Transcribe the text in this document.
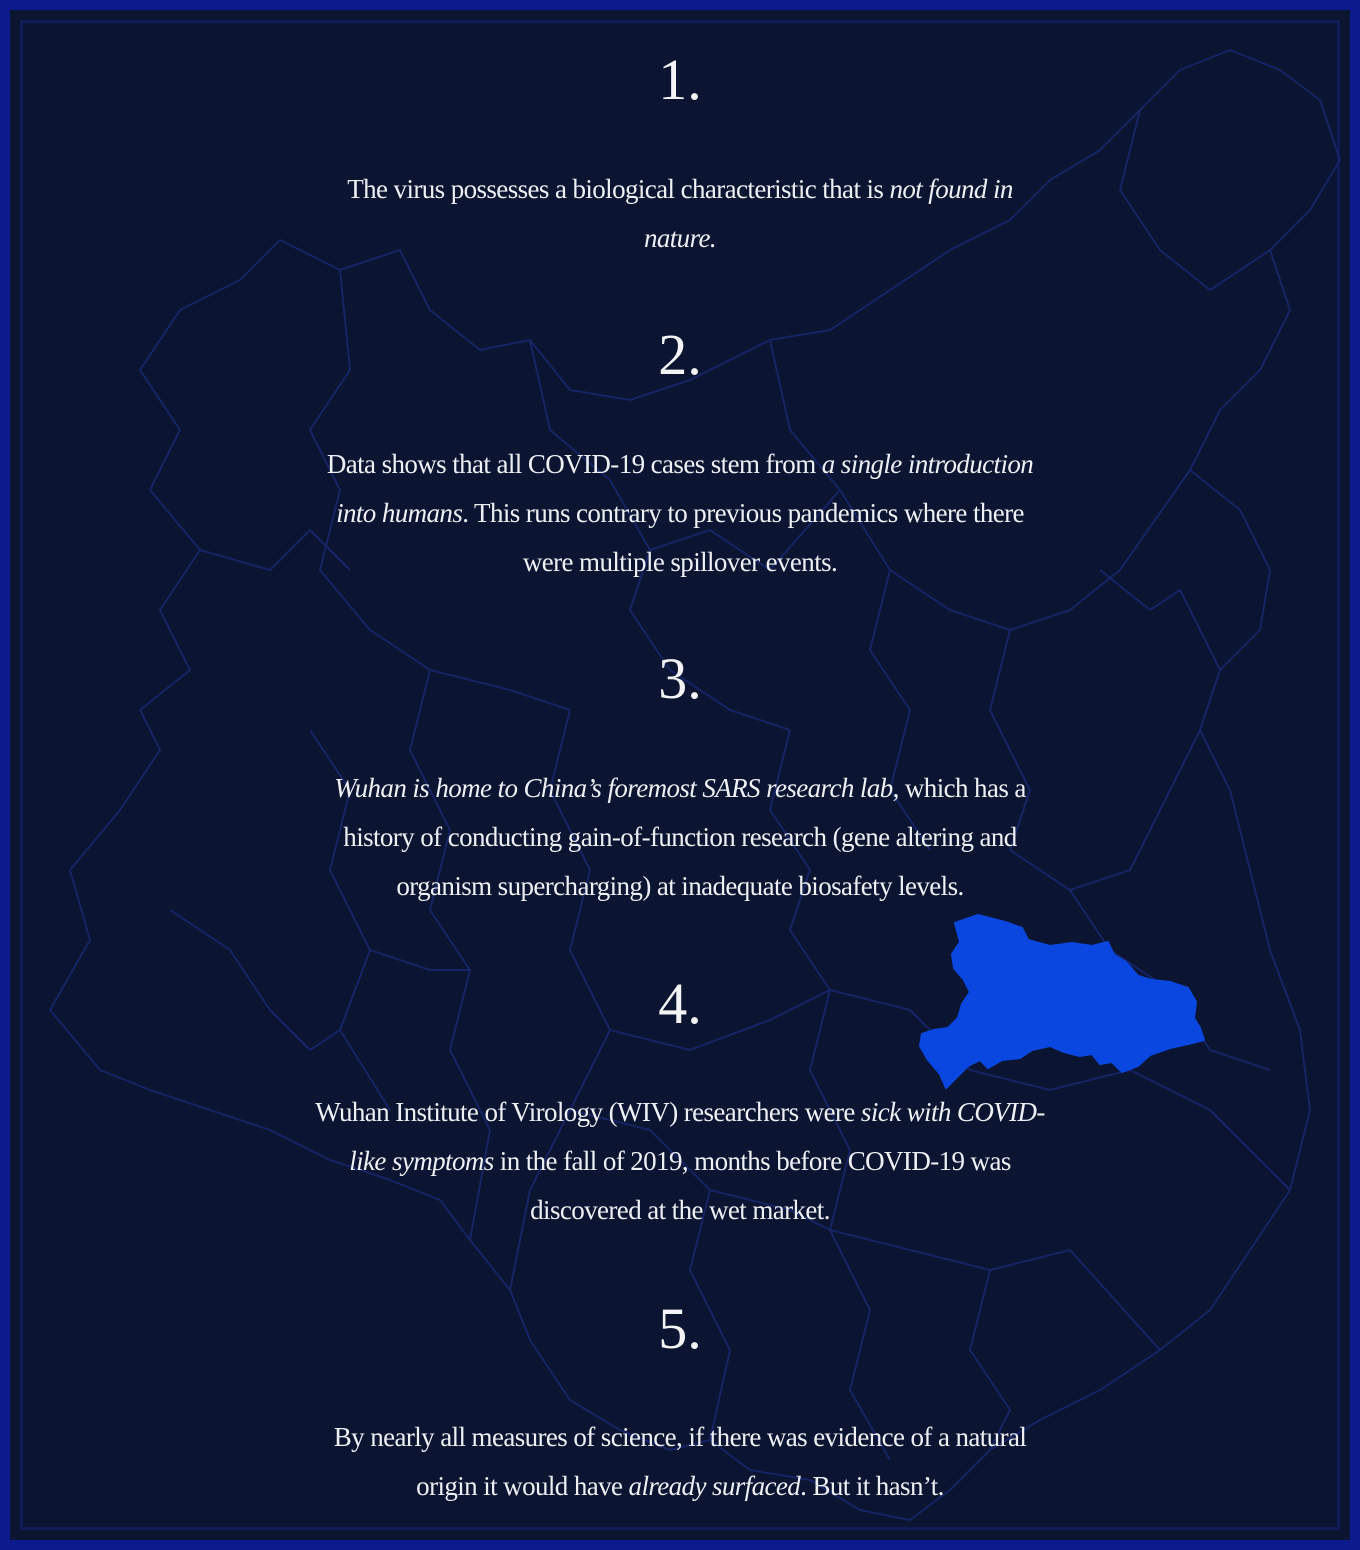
1.
The virus possesses a biological characteristic that is not found in nature.
2.
Data shows that all COVID-19 cases stem from a single introduction into humans. This runs contrary to previous pandemics where there were multiple spillover events.
3.
Wuhan is home to China’s foremost SARS research lab, which has a history of conducting gain-of-function research (gene altering and organism supercharging) at inadequate biosafety levels.
4.
Wuhan Institute of Virology (WIV) researchers were sick with COVID-like symptoms in the fall of 2019, months before COVID-19 was discovered at the wet market.
5.
By nearly all measures of science, if there was evidence of a natural origin it would have already surfaced. But it hasn’t.
